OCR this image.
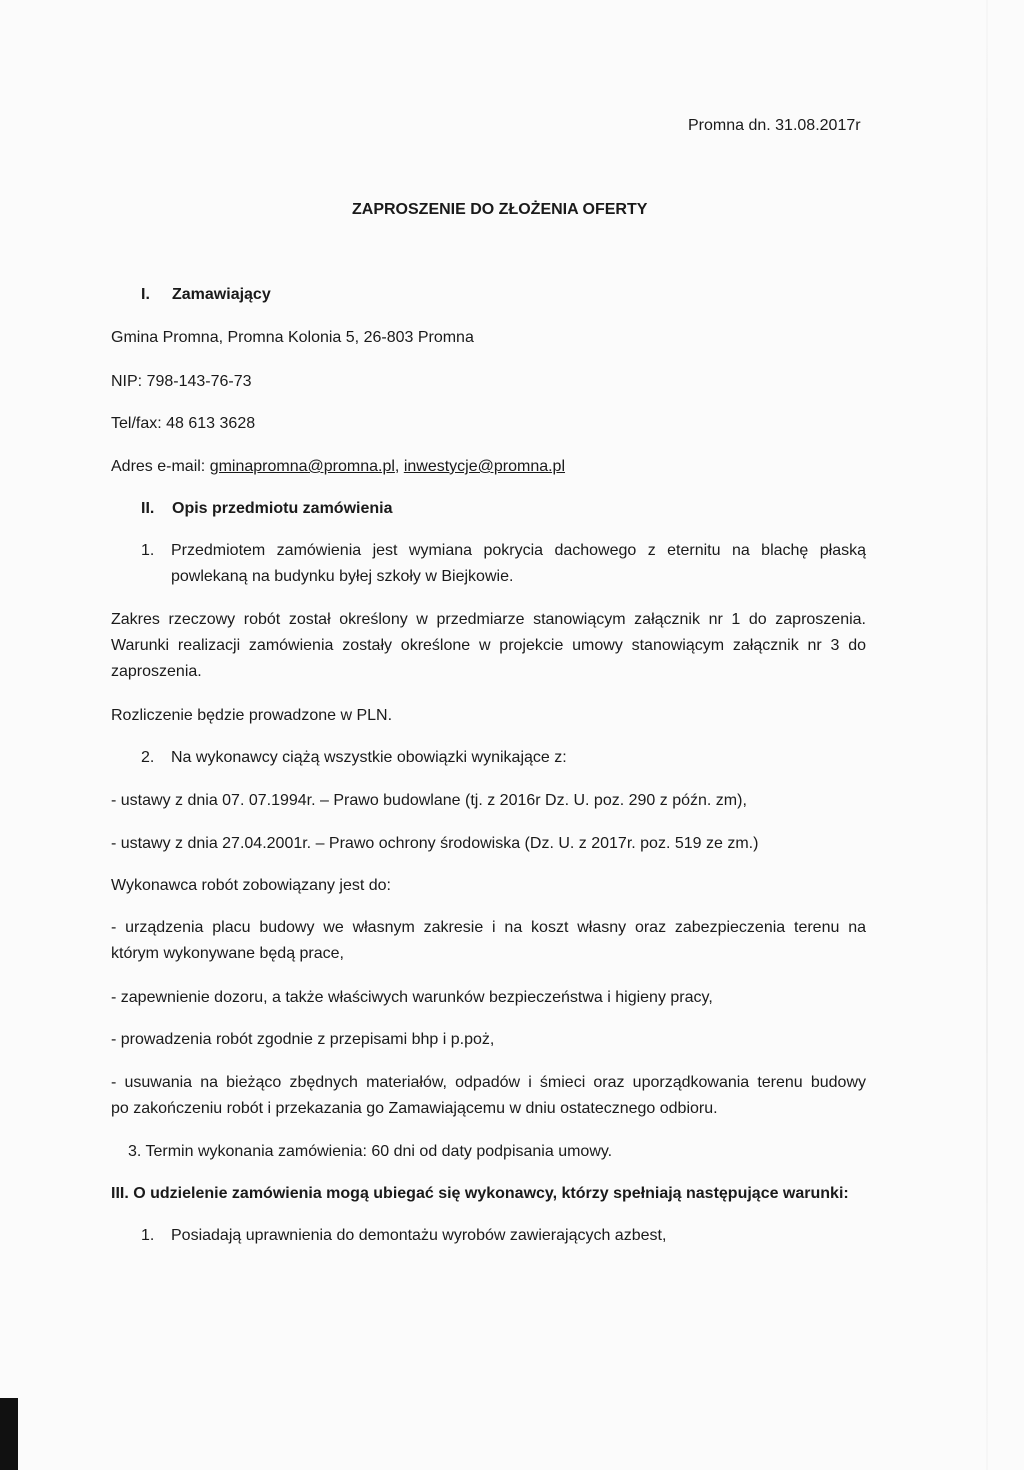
Promna dn. 31.08.2017r
ZAPROSZENIE DO ZŁOŻENIA OFERTY
I. Zamawiający
Gmina Promna, Promna Kolonia 5, 26-803 Promna
NIP: 798-143-76-73
Tel/fax: 48 613 3628
Adres e-mail: gminapromna@promna.pl, inwestycje@promna.pl
II. Opis przedmiotu zamówienia
1. Przedmiotem zamówienia jest wymiana pokrycia dachowego z eternitu na blachę płaską
powlekaną na budynku byłej szkoły w Biejkowie.
Zakres rzeczowy robót został określony w przedmiarze stanowiącym załącznik nr 1 do zaproszenia.
Warunki realizacji zamówienia zostały określone w projekcie umowy stanowiącym załącznik nr 3 do
zaproszenia.
Rozliczenie będzie prowadzone w PLN.
2. Na wykonawcy ciążą wszystkie obowiązki wynikające z:
- ustawy z dnia 07. 07.1994r. – Prawo budowlane (tj. z 2016r Dz. U. poz. 290 z późn. zm),
- ustawy z dnia 27.04.2001r. – Prawo ochrony środowiska (Dz. U. z 2017r. poz. 519 ze zm.)
Wykonawca robót zobowiązany jest do:
- urządzenia placu budowy we własnym zakresie i na koszt własny oraz zabezpieczenia terenu na
którym wykonywane będą prace,
- zapewnienie dozoru, a także właściwych warunków bezpieczeństwa i higieny pracy,
- prowadzenia robót zgodnie z przepisami bhp i p.poż,
- usuwania na bieżąco zbędnych materiałów, odpadów i śmieci oraz uporządkowania terenu budowy
po zakończeniu robót i przekazania go Zamawiającemu w dniu ostatecznego odbioru.
3. Termin wykonania zamówienia: 60 dni od daty podpisania umowy.
III. O udzielenie zamówienia mogą ubiegać się wykonawcy, którzy spełniają następujące warunki:
1. Posiadają uprawnienia do demontażu wyrobów zawierających azbest,
